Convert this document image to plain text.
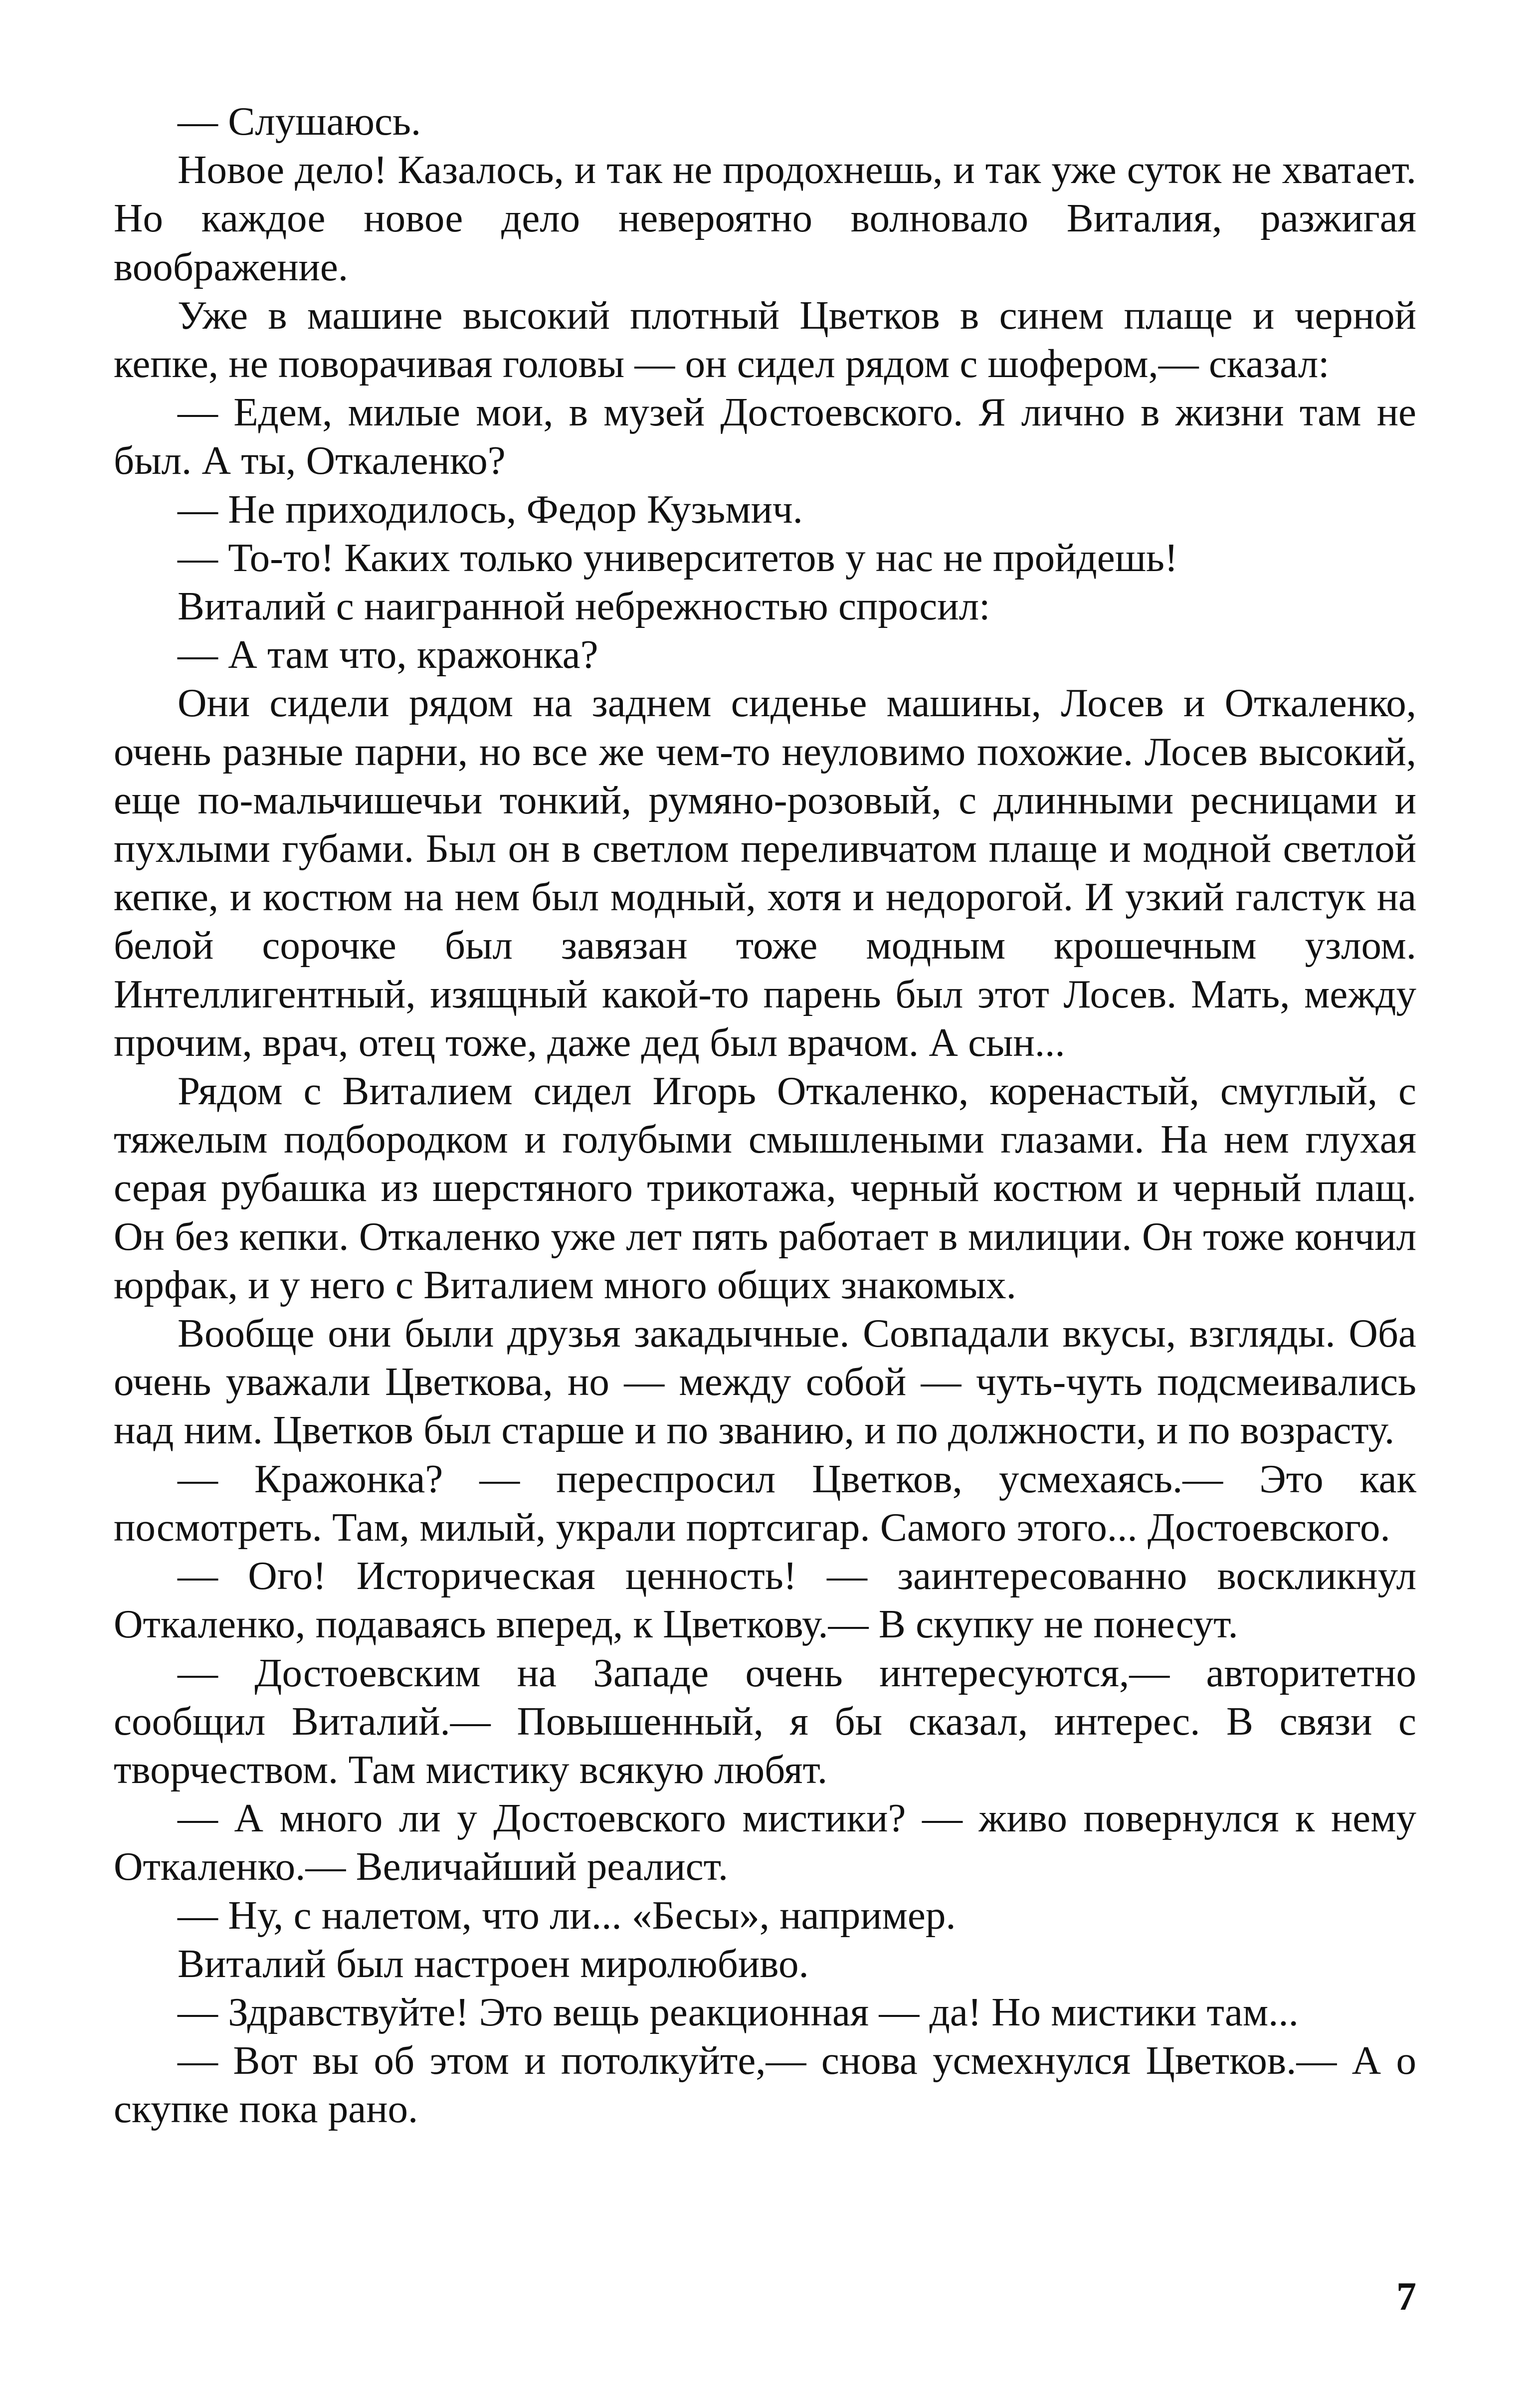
— Слушаюсь.

Новое дело! Казалось, и так не продохнешь, и так уже суток не хватает. Но каждое новое дело невероятно волновало Виталия, разжигая воображение.

Уже в машине высокий плотный Цветков в синем плаще и черной кепке, не поворачивая головы — он сидел рядом с шофером,— сказал:

— Едем, милые мои, в музей Достоевского. Я лично в жизни там не был. А ты, Откаленко?

— Не приходилось, Федор Кузьмич.

— То-то! Каких только университетов у нас не пройдешь!

Виталий с наигранной небрежностью спросил:

— А там что, кражонка?

Они сидели рядом на заднем сиденье машины, Лосев и Откаленко, очень разные парни, но все же чем-то неуловимо похожие. Лосев высокий, еще по-мальчишечьи тонкий, румяно-розовый, с длинными ресницами и пухлыми губами. Был он в светлом переливчатом плаще и модной светлой кепке, и костюм на нем был модный, хотя и недорогой. И узкий галстук на белой сорочке был завязан тоже модным крошечным узлом. Интеллигентный, изящный какой-то парень был этот Лосев. Мать, между прочим, врач, отец тоже, даже дед был врачом. А сын...

Рядом с Виталием сидел Игорь Откаленко, коренастый, смуглый, с тяжелым подбородком и голубыми смышлеными глазами. На нем глухая серая рубашка из шерстяного трикотажа, черный костюм и черный плащ. Он без кепки. Откаленко уже лет пять работает в милиции. Он тоже кончил юрфак, и у него с Виталием много общих знакомых.

Вообще они были друзья закадычные. Совпадали вкусы, взгляды. Оба очень уважали Цветкова, но — между собой — чуть-чуть подсмеивались над ним. Цветков был старше и по званию, и по должности, и по возрасту.

— Кражонка? — переспросил Цветков, усмехаясь.— Это как посмотреть. Там, милый, украли портсигар. Самого этого... Достоевского.

— Ого! Историческая ценность! — заинтересованно воскликнул Откаленко, подаваясь вперед, к Цветкову.— В скупку не понесут.

— Достоевским на Западе очень интересуются,— авторитетно сообщил Виталий.— Повышенный, я бы сказал, интерес. В связи с творчеством. Там мистику всякую любят.

— А много ли у Достоевского мистики? — живо повернулся к нему Откаленко.— Величайший реалист.

— Ну, с налетом, что ли... «Бесы», например.

Виталий был настроен миролюбиво.

— Здравствуйте! Это вещь реакционная — да! Но мистики там...

— Вот вы об этом и потолкуйте,— снова усмехнулся Цветков.— А о скупке пока рано.

7
